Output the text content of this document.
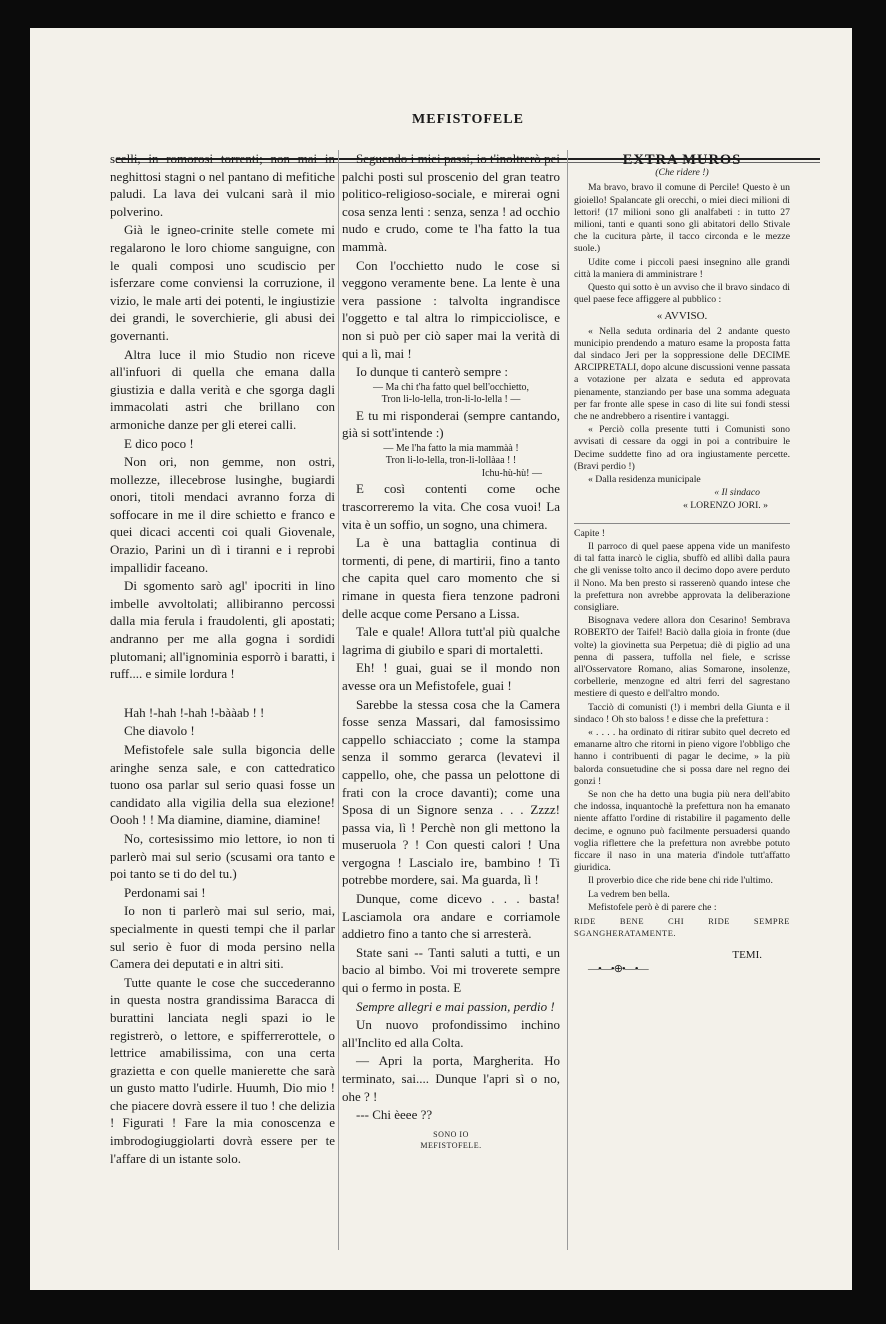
MEFISTOFELE

scelli, in romorosi torrenti; non mai in neghittosi stagni o nel pantano di mefitiche paludi. La lava dei vulcani sarà il mio polverino.

Già le igneo-crinite stelle comete mi regalarono le loro chiome sanguigne, con le quali composi uno scudiscio per isferzare come conviensi la corruzione, il vizio, le male arti dei potenti, le ingiustizie dei grandi, le soverchierie, gli abusi dei governanti.

Altra luce il mio Studio non riceve all'infuori di quella che emana dalla giustizia e dalla verità e che sgorga dagli immacolati astri che brillano con armoniche danze per gli eterei calli.

E dico poco !

Non ori, non gemme, non ostri, mollezze, illecebrose lusinghe, bugiardi onori, titoli mendaci avranno forza di soffocare in me il dire schietto e franco e quei dicaci accenti coi quali Giovenale, Orazio, Parini un dì i tiranni e i reprobi impallidir faceano.

Di sgomento sarò agl' ipocriti in lino imbelle avvoltolati; allibiranno percossi dalla mia ferula i fraudolenti, gli apostati; andranno per me alla gogna i sordidi plutomani; all'ignominia esporrò i baratti, i ruff.... e simile lordura !

Hah !-hah !-hah !-bààab ! !

Che diavolo !

Mefistofele sale sulla bigoncia delle aringhe senza sale, e con cattedratico tuono osa parlar sul serio quasi fosse un candidato alla vigilia della sua elezione! Oooh ! ! Ma diamine, diamine, diamine!

No, cortesissimo mio lettore, io non ti parlerò mai sul serio (scusami ora tanto e poi tanto se ti do del tu.)

Perdonami sai !

Io non ti parlerò mai sul serio, mai, specialmente in questi tempi che il parlar sul serio è fuor di moda persino nella Camera dei deputati e in altri siti.

Tutte quante le cose che succederanno in questa nostra grandissima Baracca di burattini lanciata negli spazi io le registrerò, o lettore, e spifferrerottele, o lettrice amabilissima, con una certa grazietta e con quelle manierette che sarà un gusto matto l'udirle. Huumh, Dio mio ! che piacere dovrà essere il tuo ! che delizia ! Figurati ! Fare la mia conoscenza e imbrodogiuggiolarti dovrà essere per te l'affare di un istante solo.

Seguendo i miei passi, io t'inoltrerò pei palchi posti sul proscenio del gran teatro politico-religioso-sociale, e mirerai ogni cosa senza lenti : senza, senza ! ad occhio nudo e crudo, come te l'ha fatto la tua mammà.

Con l'occhietto nudo le cose si veggono veramente bene. La lente è una vera passione : talvolta ingrandisce l'oggetto e tal altra lo rimpicciolisce, e non si può per ciò saper mai la verità di qui a lì, mai !

Io dunque ti canterò sempre :

— Ma chi t'ha fatto quel bell'occhietto,

Tron li-lo-lella, tron-li-lo-lella ! —

E tu mi risponderai (sempre cantando, già si sott'intende :)

— Me l'ha fatto la mia mammàà !

Tron li-lo-lella, tron-li-lollàaa ! !

Ichu-hù-hù! —

E così contenti come oche trascorreremo la vita. Che cosa vuoi! La vita è un soffio, un sogno, una chimera.

La è una battaglia continua di tormenti, di pene, di martirii, fino a tanto che capita quel caro momento che si rimane in questa fiera tenzone padroni delle acque come Persano a Lissa.

Tale e quale! Allora tutt'al più qualche lagrima di giubilo e spari di mortaletti.

Eh! ! guai, guai se il mondo non avesse ora un Mefistofele, guai !

Sarebbe la stessa cosa che la Camera fosse senza Massari, dal famosissimo cappello schiacciato ; come la stampa senza il sommo gerarca (levatevi il cappello, ohe, che passa un pelottone di frati con la croce davanti); come una Sposa di un Signore senza . . . Zzzz! passa via, lì ! Perchè non gli mettono la museruola ? ! Con questi calori ! Una vergogna ! Lascialo ire, bambino ! Ti potrebbe mordere, sai. Ma guarda, lì !

Dunque, come dicevo . . . basta! Lasciamola ora andare e corriamole addietro fino a tanto che si arresterà.

State sani -- Tanti saluti a tutti, e un bacio al bimbo. Voi mi troverete sempre qui o fermo in posta. E

Sempre allegri e mai passion, perdio !

Un nuovo profondissimo inchino all'Inclito ed alla Colta.

— Apri la porta, Margherita. Ho terminato, sai.... Dunque l'apri sì o no, ohe ? !

--- Chi èeee ??

SONO IO

MEFISTOFELE.

EXTRA MUROS

(Che ridere !)

Ma bravo, bravo il comune di Percile! Questo è un gioiello! Spalancate gli orecchi, o miei dieci milioni di lettori! (17 milioni sono gli analfabeti : in tutto 27 milioni, tanti e quanti sono gli abitatori dello Stivale che la cucitura pàrte, il tacco circonda e le mezze suole.)

Udite come i piccoli paesi insegnino alle grandi città la maniera di amministrare !

Questo qui sotto è un avviso che il bravo sindaco di quel paese fece affiggere al pubblico :

« AVVISO.

« Nella seduta ordinaria del 2 andante questo municipio prendendo a maturo esame la proposta fatta dal sindaco Jeri per la soppressione delle DECIME ARCIPRETALI, dopo alcune discussioni venne passata a votazione per alzata e seduta ed approvata pienamente, stanziando per base una somma adeguata per far fronte alle spese in caso di lite sui fondi stessi che ne andrebbero a risentire i vantaggi.

« Perciò colla presente tutti i Comunisti sono avvisati di cessare da oggi in poi a contribuire le Decime suddette fino ad ora ingiustamente percette. (Bravi perdio !)

« Dalla residenza municipale

« Il sindaco

« LORENZO JORI. »

Capite !

Il parroco di quel paese appena vide un manifesto di tal fatta inarcò le ciglia, sbuffò ed allibì dalla paura che gli venisse tolto anco il decimo dopo avere perduto il Nono. Ma ben presto si rasserenò quando intese che la prefettura non avrebbe approvata la deliberazione consigliare.

Bisognava vedere allora don Cesarino! Sembrava ROBERTO der Taifel! Baciò dalla gioia in fronte (due volte) la giovinetta sua Perpetua; diè di piglio ad una penna di passera, tuffolla nel fiele, e scrisse all'Osservatore Romano, alias Somarone, insolenze, corbellerie, menzogne ed altri ferri del sagrestano mestiere di questo e dell'altro mondo.

Tacciò di comunisti (!) i membri della Giunta e il sindaco ! Oh sto baloss ! e disse che la prefettura :

« . . . . ha ordinato di ritirar subito quel decreto ed emanarne altro che ritorni in pieno vigore l'obbligo che hanno i contribuenti di pagar le decime, » la più balorda consuetudine che si possa dare nel regno dei gonzi !

Se non che ha detto una bugia più nera dell'abito che indossa, inquantochè la prefettura non ha emanato niente affatto l'ordine di ristabilire il pagamento delle decime, e ognuno può facilmente persuadersi quando voglia riflettere che la prefettura non avrebbe potuto ficcare il naso in una materia d'indole tutt'affatto giuridica.

Il proverbio dice che ride bene chi ride l'ultimo.

La vedrem ben bella.

Mefistofele però è di parere che :

RIDE BENE CHI RIDE SEMPRE SGANGHERATAMENTE.

TEMI.

—•—•⊕•—•—
